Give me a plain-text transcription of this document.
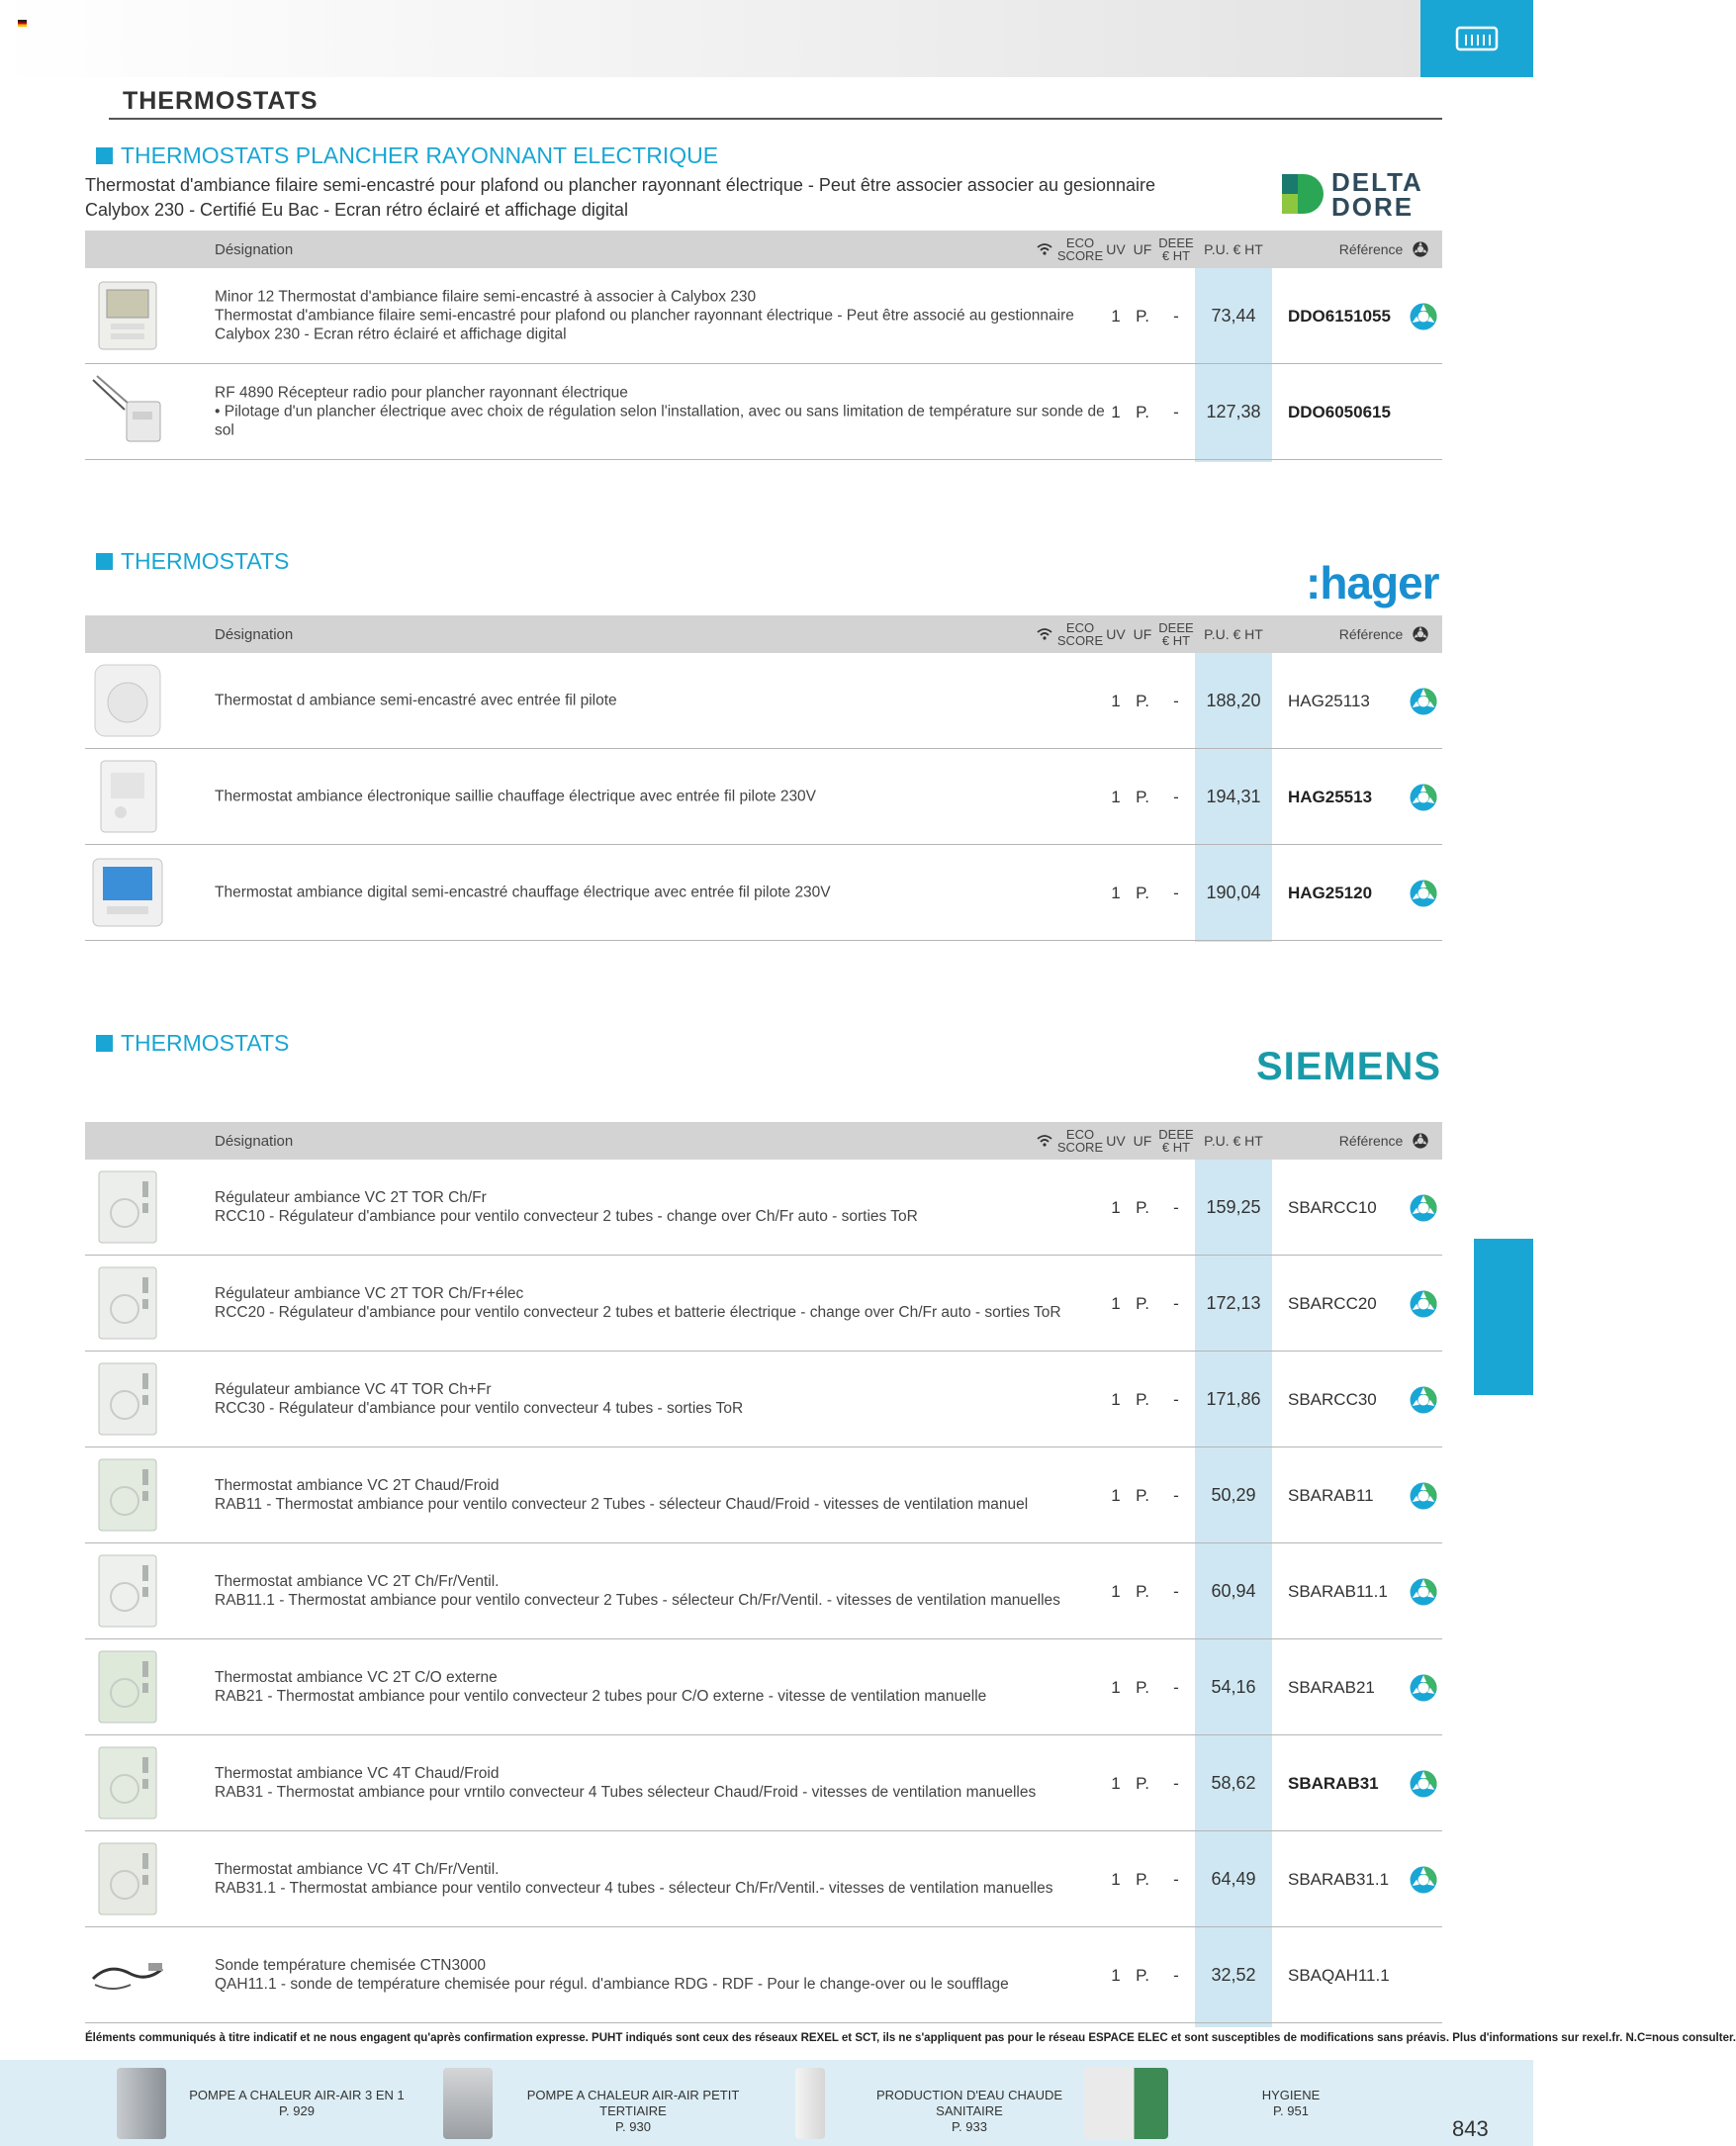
THERMOSTATS
THERMOSTATS PLANCHER RAYONNANT ELECTRIQUE
Thermostat d'ambiance filaire semi-encastré pour plafond ou plancher rayonnant électrique - Peut être associer associer au gesionnaire Calybox 230 - Certifié Eu Bac - Ecran rétro éclairé et affichage digital
DELTA
DORE
Désignation	ECO SCORE UV UF DEEE € HT	P.U. € HT	Référence
Minor 12 Thermostat d'ambiance filaire semi-encastré à associer à Calybox 230
Thermostat d'ambiance filaire semi-encastré pour plafond ou plancher rayonnant électrique - Peut être associé au gestionnaire Calybox 230 - Ecran rétro éclairé et affichage digital
1 P.	-	73,44	DDO6151055
RF 4890 Récepteur radio pour plancher rayonnant électrique
• Pilotage d'un plancher électrique avec choix de régulation selon l'installation, avec ou sans limitation de température sur sonde de sol
1 P.	-	127,38	DDO6050615
THERMOSTATS	:hager
Désignation	ECO SCORE UV UF DEEE € HT	P.U. € HT	Référence
Thermostat d ambiance semi-encastré avec entrée fil pilote	1 P.	-	188,20	HAG25113
Thermostat ambiance électronique saillie chauffage électrique avec entrée fil pilote 230V	1 P.	-	194,31	HAG25513
Thermostat ambiance digital semi-encastré chauffage électrique avec entrée fil pilote 230V	1 P.	-	190,04	HAG25120
THERMOSTATS
SIEMENS
Désignation	ECO SCORE UV UF DEEE € HT	P.U. € HT	Référence
Régulateur ambiance VC 2T TOR Ch/Fr
RCC10 - Régulateur d'ambiance pour ventilo convecteur 2 tubes - change over Ch/Fr auto - sorties ToR	1 P.	-	159,25	SBARCC10
Régulateur ambiance VC 2T TOR Ch/Fr+élec
RCC20 - Régulateur d'ambiance pour ventilo convecteur 2 tubes et batterie électrique - change over Ch/Fr auto - sorties ToR	1 P.	-	172,13	SBARCC20
Régulateur ambiance VC 4T TOR Ch+Fr
RCC30 - Régulateur d'ambiance pour ventilo convecteur 4 tubes - sorties ToR	1 P.	-	171,86	SBARCC30
Thermostat ambiance VC 2T Chaud/Froid
RAB11 - Thermostat ambiance pour ventilo convecteur 2 Tubes - sélecteur Chaud/Froid - vitesses de ventilation manuel	1 P.	-	50,29	SBARAB11
Thermostat ambiance VC 2T Ch/Fr/Ventil.
RAB11.1 - Thermostat ambiance pour ventilo convecteur 2 Tubes - sélecteur Ch/Fr/Ventil. - vitesses de ventilation manuelles	1 P.	-	60,94	SBARAB11.1
Thermostat ambiance VC 2T C/O externe
RAB21 - Thermostat ambiance pour ventilo convecteur 2 tubes pour C/O externe - vitesse de ventilation manuelle	1 P.	-	54,16	SBARAB21
Thermostat ambiance VC 4T Chaud/Froid
RAB31 - Thermostat ambiance pour vrntilo convecteur 4 Tubes sélecteur Chaud/Froid - vitesses de ventilation manuelles	1 P.	-	58,62	SBARAB31
Thermostat ambiance VC 4T Ch/Fr/Ventil.
RAB31.1 - Thermostat ambiance pour ventilo convecteur 4 tubes - sélecteur Ch/Fr/Ventil.- vitesses de ventilation manuelles	1 P.	-	64,49	SBARAB31.1
Sonde température chemisée CTN3000
QAH11.1 - sonde de température chemisée pour régul. d'ambiance RDG - RDF - Pour le change-over ou le soufflage	1 P.	-	32,52	SBAQAH11.1
Éléments communiqués à titre indicatif et ne nous engagent qu'après confirmation expresse. PUHT indiqués sont ceux des réseaux REXEL et SCT, ils ne s'appliquent pas pour le réseau ESPACE ELEC et sont susceptibles de modifications sans préavis. Plus d'informations sur rexel.fr. N.C=nous consulter.
POMPE A CHALEUR AIR-AIR 3 EN 1
P. 929
POMPE A CHALEUR AIR-AIR PETIT TERTIAIRE
P. 930
PRODUCTION D'EAU CHAUDE SANITAIRE
P. 933
HYGIENE
P. 951
843
